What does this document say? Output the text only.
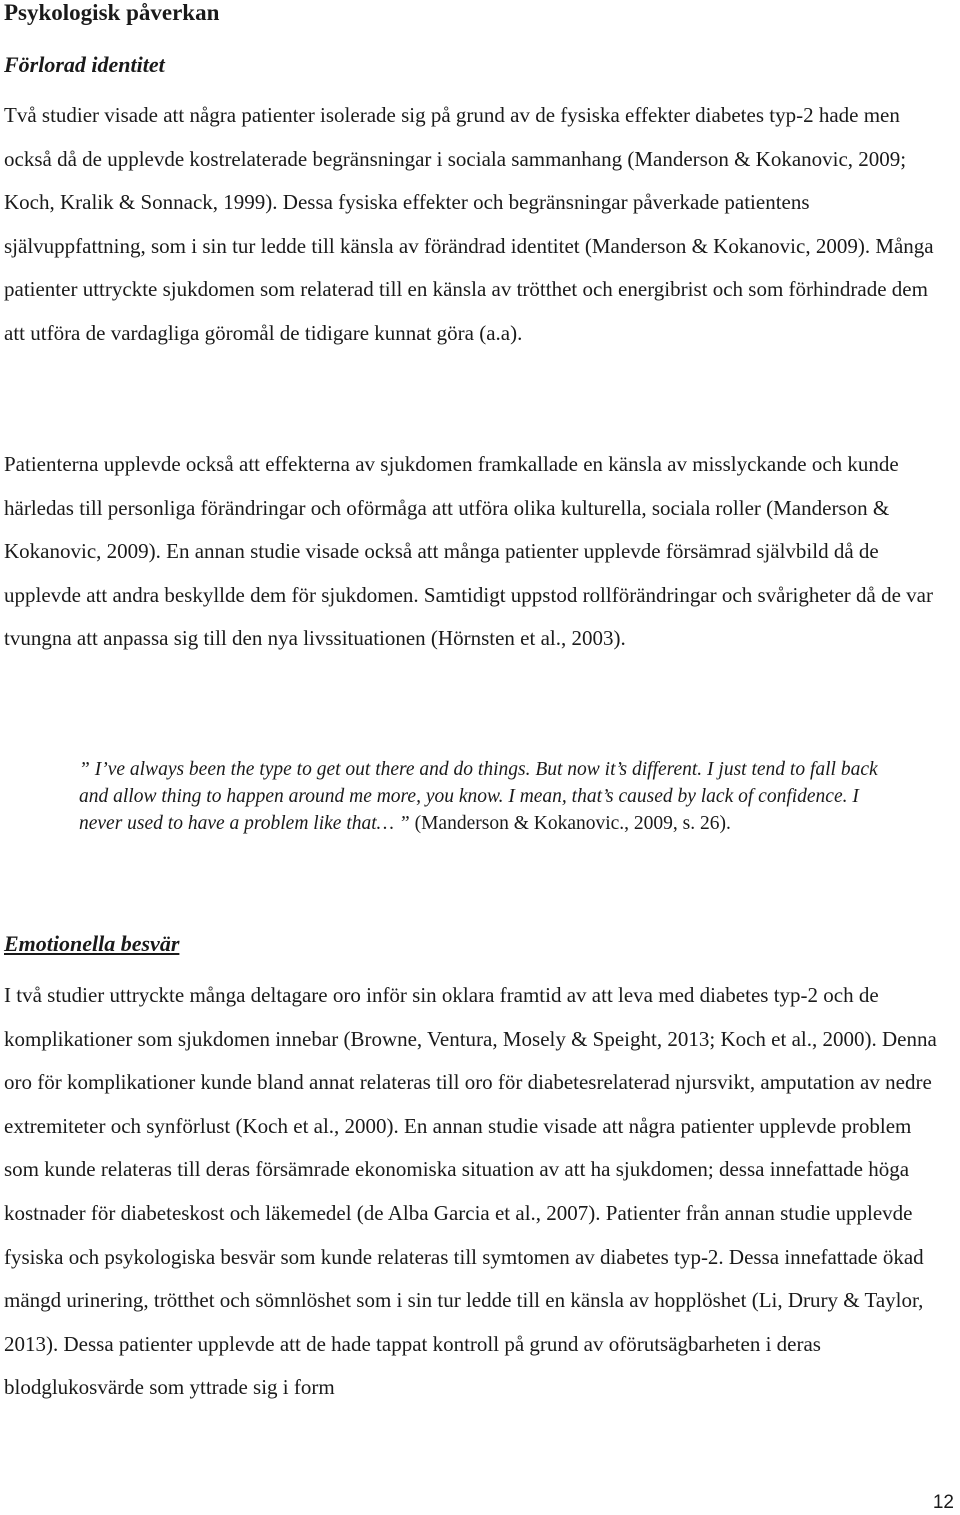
Psykologisk påverkan
Förlorad identitet

Två studier visade att några patienter isolerade sig på grund av de fysiska effekter diabetes typ-2 hade men också då de upplevde kostrelaterade begränsningar i sociala sammanhang (Manderson & Kokanovic, 2009; Koch, Kralik & Sonnack, 1999). Dessa fysiska effekter och begränsningar påverkade patientens självuppfattning, som i sin tur ledde till känsla av förändrad identitet (Manderson & Kokanovic, 2009). Många patienter uttryckte sjukdomen som relaterad till en känsla av trötthet och energibrist och som förhindrade dem att utföra de vardagliga göromål de tidigare kunnat göra (a.a).

Patienterna upplevde också att effekterna av sjukdomen framkallade en känsla av misslyckande och kunde härledas till personliga förändringar och oförmåga att utföra olika kulturella, sociala roller (Manderson & Kokanovic, 2009). En annan studie visade också att många patienter upplevde försämrad självbild då de upplevde att andra beskyllde dem för sjukdomen. Samtidigt uppstod rollförändringar och svårigheter då de var tvungna att anpassa sig till den nya livssituationen (Hörnsten et al., 2003).

” I’ve always been the type to get out there and do things. But now it’s different. I just tend to fall back and allow thing to happen around me more, you know. I mean, that’s caused by lack of confidence. I never used to have a problem like that… ” (Manderson & Kokanovic., 2009, s. 26).
Emotionella besvär

I två studier uttryckte många deltagare oro inför sin oklara framtid av att leva med diabetes typ-2 och de komplikationer som sjukdomen innebar (Browne, Ventura, Mosely & Speight, 2013; Koch et al., 2000). Denna oro för komplikationer kunde bland annat relateras till oro för diabetesrelaterad njursvikt, amputation av nedre extremiteter och synförlust (Koch et al., 2000). En annan studie visade att några patienter upplevde problem som kunde relateras till deras försämrade ekonomiska situation av att ha sjukdomen; dessa innefattade höga kostnader för diabeteskost och läkemedel (de Alba Garcia et al., 2007). Patienter från annan studie upplevde fysiska och psykologiska besvär som kunde relateras till symtomen av diabetes typ-2. Dessa innefattade ökad mängd urinering, trötthet och sömnlöshet som i sin tur ledde till en känsla av hopplöshet (Li, Drury & Taylor, 2013). Dessa patienter upplevde att de hade tappat kontroll på grund av oförutsägbarheten i deras blodglukosvärde som yttrade sig i form

12
